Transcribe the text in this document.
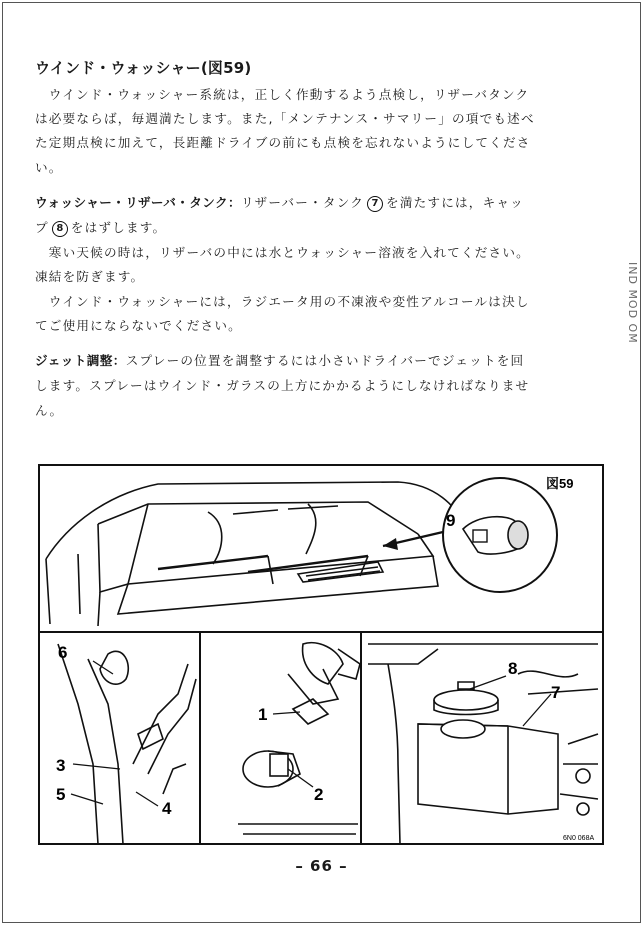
ウインド・ウォッシャー(図59)
　ウインド・ウォッシャー系統は，正しく作動するよう点検し，リザーバタンク
は必要ならば，毎週満たします。また,「メンテナンス・サマリー」の項でも述べ
た定期点検に加えて，長距離ドライブの前にも点検を忘れないようにしてくださ
い。
ウォッシャー・リザーバ・タンク：リザーバー・タンク 7 を満たすには，キャッ
プ 8 をはずします。
　寒い天候の時は，リザーバの中には水とウォッシャー溶液を入れてください。
凍結を防ぎます。
　ウインド・ウォッシャーには，ラジエータ用の不凍液や変性アルコールは決し
てご使用にならないでください。
ジェット調整：スプレーの位置を調整するには小さいドライバーでジェットを回
します。スプレーはウインド・ガラスの上方にかかるようにしなければなりませ
ん。
IND MOD OM
9
6
3
5
4
1
2
8
7
図59
6N0 068A
– 66 –
